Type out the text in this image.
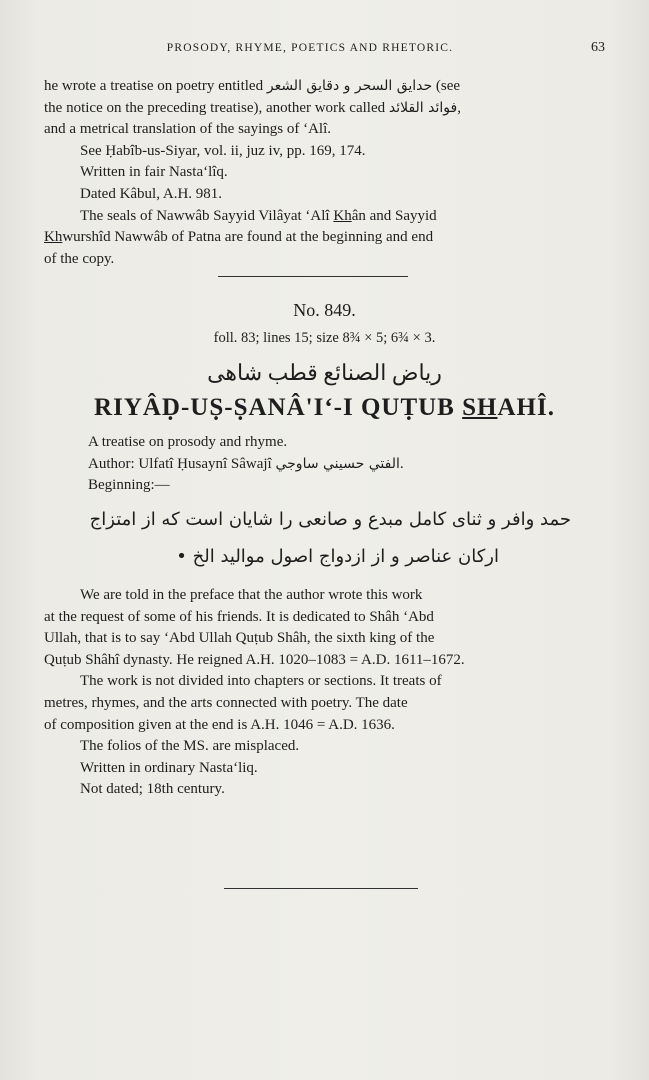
PROSODY, RHYME, POETICS AND RHETORIC.	63

he wrote a treatise on poetry entitled حدایق السحر و دقایق الشعر (see

the notice on the preceding treatise), another work called فوائد القلائد,

and a metrical translation of the sayings of ‘Alî.

See Ḥabîb-us-Siyar, vol. ii, juz iv, pp. 169, 174.

Written in fair Nasta‘lîq.

Dated Kâbul, A.H. 981.

The seals of Nawwâb Sayyid Vilâyat ‘Alî Khân and Sayyid

Khwurshîd Nawwâb of Patna are found at the beginning and end

of the copy.

No. 849.
foll. 83; lines 15; size 8¾ × 5; 6¾ × 3.
ریاض الصنائع قطب شاهی
RIYÂḌ-UṢ-ṢANÂ'I‘-I QUṬUB SHAHÎ.

A treatise on prosody and rhyme.

Author: Ulfatî Ḥusaynî Sâwajî الفتي حسيني ساوجي.

Beginning:—

حمد وافر و ثنای کامل مبدع و صانعی را شایان است که از امتزاج
ارکان عناصر و از ازدواج اصول موالید الخ •

We are told in the preface that the author wrote this work

at the request of some of his friends. It is dedicated to Shâh ‘Abd

Ullah, that is to say ‘Abd Ullah Quṭub Shâh, the sixth king of the

Quṭub Shâhî dynasty. He reigned A.H. 1020–1083 = A.D. 1611–1672.

The work is not divided into chapters or sections. It treats of

metres, rhymes, and the arts connected with poetry. The date

of composition given at the end is A.H. 1046 = A.D. 1636.

The folios of the MS. are misplaced.

Written in ordinary Nasta‘liq.

Not dated; 18th century.
